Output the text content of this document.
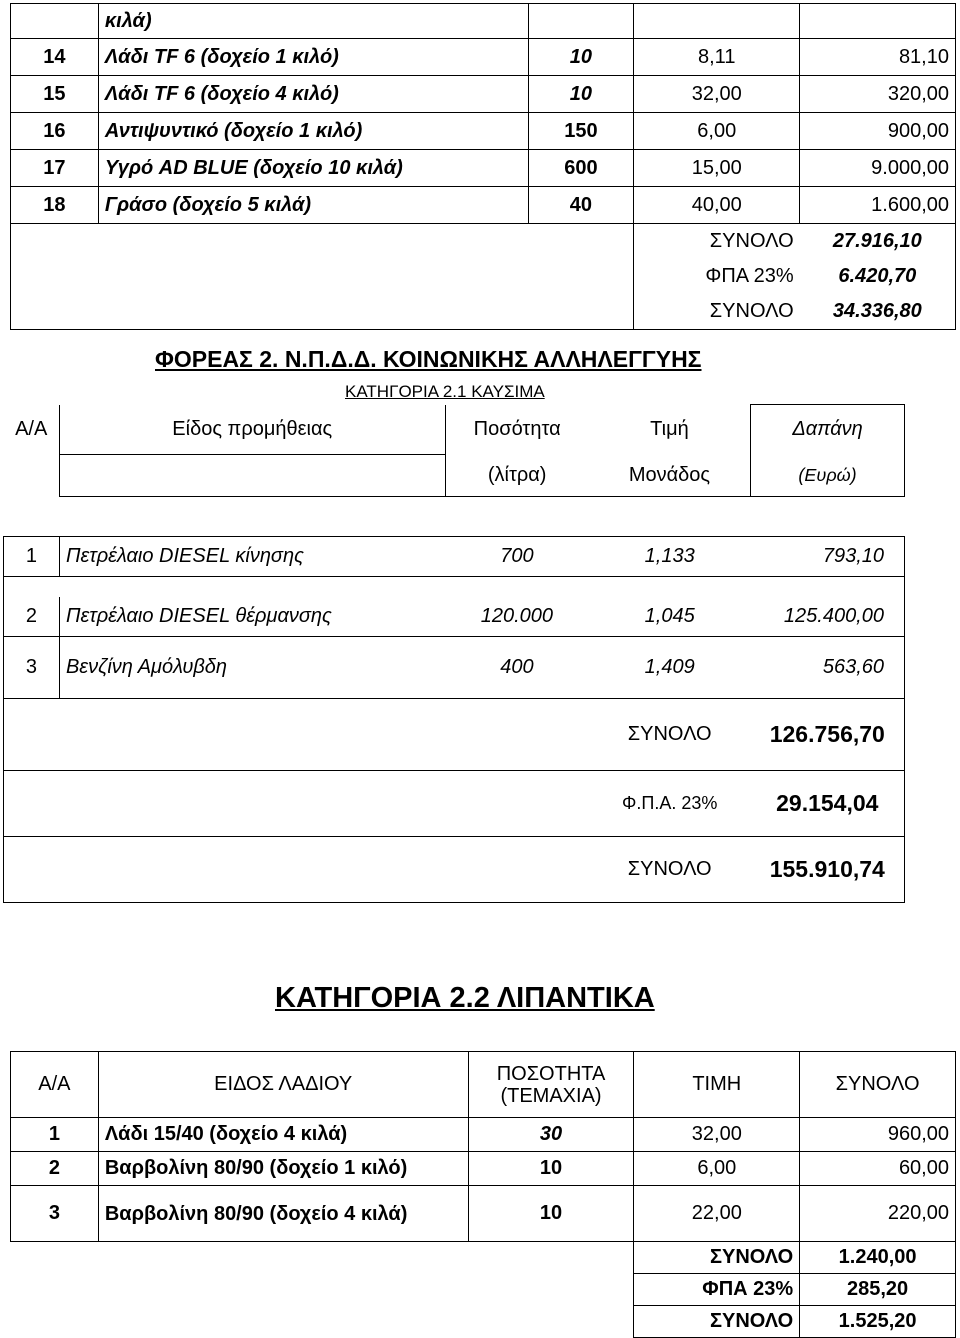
	κιλά)			
14	Λάδι TF 6 (δοχείο 1 κιλό)	10	8,11	81,10
15	Λάδι TF 6 (δοχείο 4 κιλό)	10	32,00	320,00
16	Αντιψυντικό (δοχείο 1 κιλό)	150	6,00	900,00
17	Υγρό AD BLUE (δοχείο 10 κιλά)	600	15,00	9.000,00
18	Γράσο (δοχείο 5 κιλά)	40	40,00	1.600,00
			ΣΥΝΟΛΟ	27.916,10
			ΦΠΑ 23%	6.420,70
			ΣΥΝΟΛΟ	34.336,80
ΦΟΡΕΑΣ 2. Ν.Π.Δ.Δ. ΚΟΙΝΩΝΙΚΗΣ ΑΛΛΗΛΕΓΓΥΗΣ
ΚΑΤΗΓΟΡΙΑ 2.1 ΚΑΥΣΙΜΑ
Α/Α	Είδος προμήθειας	Ποσότητα	Τιμή	Δαπάνη
		(λίτρα)	Μονάδος	(Ευρώ)

1	Πετρέλαιο DIESEL κίνησης	700	1,133	793,10

2	Πετρέλαιο DIESEL θέρμανσης	120.000	1,045	125.400,00
3	Βενζίνη Αμόλυβδη	400	1,409	563,60
			ΣΥΝΟΛΟ	126.756,70
			Φ.Π.Α. 23%	29.154,04
			ΣΥΝΟΛΟ	155.910,74
ΚΑΤΗΓΟΡΙΑ 2.2 ΛΙΠΑΝΤΙΚΑ
Α/Α	ΕΙΔΟΣ ΛΑΔΙΟΥ	ΠΟΣΟΤΗΤΑ (ΤΕΜΑΧΙΑ)	ΤΙΜΗ	ΣΥΝΟΛΟ
1	Λάδι 15/40 (δοχείο 4 κιλά)	30	32,00	960,00
2	Βαρβολίνη 80/90 (δοχείο 1 κιλό)	10	6,00	60,00
3	Βαρβολίνη 80/90 (δοχείο 4 κιλά)	10	22,00	220,00
			ΣΥΝΟΛΟ	1.240,00
			ΦΠΑ 23%	285,20
			ΣΥΝΟΛΟ	1.525,20
